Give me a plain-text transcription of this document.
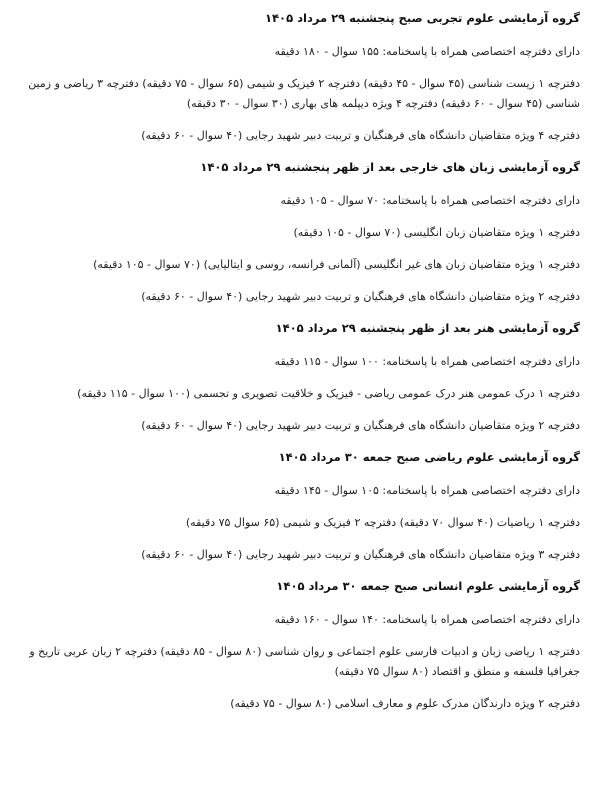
گروه آزمایشی علوم تجربی صبح پنجشنبه ۲۹ مرداد ۱۴۰۵

دارای دفترچه اختصاصی همراه با پاسخنامه: ۱۵۵ سوال - ۱۸۰ دقیقه

دفترچه ۱ زیست شناسی (۴۵ سوال - ۴۵ دقیقه) دفترچه ۲ فیزیک و شیمی (۶۵ سوال - ۷۵ دقیقه) دفترچه ۳ ریاضی و زمین شناسی (۴۵ سوال - ۶۰ دقیقه) دفترچه ۴ ویژه دیپلمه های بهاری (۳۰ سوال - ۳۰ دقیقه)

دفترچه ۴ ویژه متقاضیان دانشگاه های فرهنگیان و تربیت دبیر شهید رجایی (۴۰ سوال - ۶۰ دقیقه)

گروه آزمایشی زبان های خارجی بعد از ظهر پنجشنبه ۲۹ مرداد ۱۴۰۵

دارای دفترچه اختصاصی همراه با پاسخنامه: ۷۰ سوال - ۱۰۵ دقیقه

دفترچه ۱ ویژه متقاضیان زبان انگلیسی (۷۰ سوال - ۱۰۵ دقیقه)

دفترچه ۱ ویژه متقاضیان زبان های غیر انگلیسی (آلمانی فرانسه، روسی و ایتالیایی) (۷۰ سوال - ۱۰۵ دقیقه)

دفترچه ۲ ویژه متقاضیان دانشگاه های فرهنگیان و تربیت دبیر شهید رجایی (۴۰ سوال - ۶۰ دقیقه)

گروه آزمایشی هنر بعد از ظهر پنجشنبه ۲۹ مرداد ۱۴۰۵

دارای دفترچه اختصاصی همراه با پاسخنامه: ۱۰۰ سوال - ۱۱۵ دقیقه

دفترچه ۱ درک عمومی هنر درک عمومی ریاضی - فیزیک و خلاقیت تصویری و تجسمی (۱۰۰ سوال - ۱۱۵ دقیقه)

دفترچه ۲ ویژه متقاضیان دانشگاه های فرهنگیان و تربیت دبیر شهید رجایی (۴۰ سوال - ۶۰ دقیقه)

گروه آزمایشی علوم ریاضی صبح جمعه ۳۰ مرداد ۱۴۰۵

دارای دفترچه اختصاصی همراه با پاسخنامه: ۱۰۵ سوال - ۱۴۵ دقیقه

دفترچه ۱ ریاضیات (۴۰ سوال ۷۰ دقیقه) دفترچه ۲ فیزیک و شیمی (۶۵ سوال ۷۵ دقیقه)

دفترچه ۳ ویژه متقاضیان دانشگاه های فرهنگیان و تربیت دبیر شهید رجایی (۴۰ سوال - ۶۰ دقیقه)

گروه آزمایشی علوم انسانی صبح جمعه ۳۰ مرداد ۱۴۰۵

دارای دفترچه اختصاصی همراه با پاسخنامه: ۱۴۰ سوال - ۱۶۰ دقیقه

دفترچه ۱ ریاضی زبان و ادبیات فارسی علوم اجتماعی و روان شناسی (۸۰ سوال - ۸۵ دقیقه) دفترچه ۲ زبان عربی تاریخ و جغرافیا فلسفه و منطق و اقتصاد (۸۰ سوال ۷۵ دقیقه)

دفترچه ۲ ویژه دارندگان مدرک علوم و معارف اسلامی (۸۰ سوال - ۷۵ دقیقه)
